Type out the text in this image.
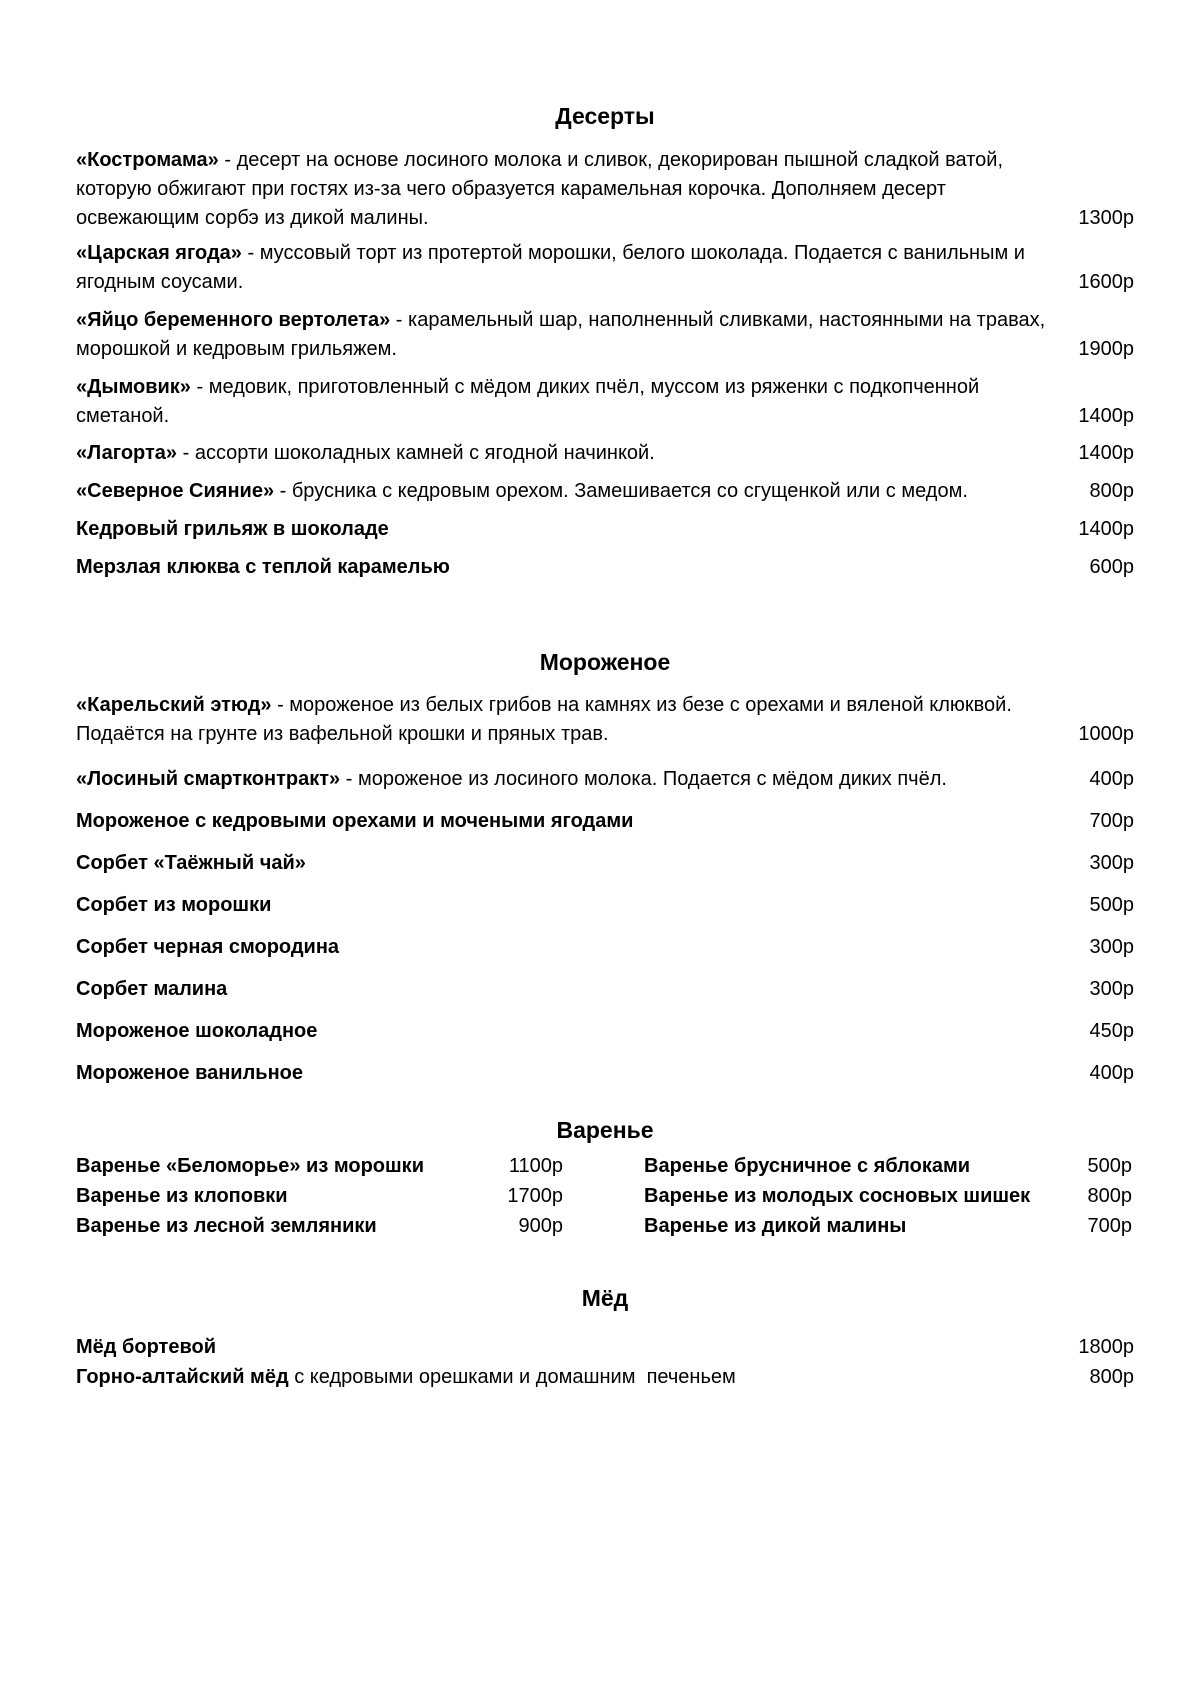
Десерты
«Костромама» - десерт на основе лосиного молока и сливок, декорирован пышной сладкой ватой, которую обжигают при гостях из-за чего образуется карамельная корочка. Дополняем десерт освежающим сорбэ из дикой малины.	1300р
«Царская ягода» - муссовый торт из протертой морошки, белого шоколада. Подается с ванильным и ягодным соусами.	1600р
«Яйцо беременного вертолета» - карамельный шар, наполненный сливками, настоянными на травах, морошкой и кедровым грильяжем.	1900р
«Дымовик» - медовик, приготовленный с мёдом диких пчёл, муссом из ряженки с подкопченной сметаной.	1400р
«Лагорта» - ассорти шоколадных камней с ягодной начинкой.	1400р
«Северное Сияние» - брусника с кедровым орехом. Замешивается со сгущенкой или с медом.	800р
Кедровый грильяж в шоколаде	1400р
Мерзлая клюква с теплой карамелью	600р
Мороженое
«Карельский этюд» - мороженое из белых грибов на камнях из безе с орехами и вяленой клюквой. Подаётся на грунте из вафельной крошки и пряных трав.	1000р
«Лосиный смартконтракт» - мороженое из лосиного молока. Подается с мёдом диких пчёл.	400р
Мороженое с кедровыми орехами и мочеными ягодами	700р
Сорбет «Таёжный чай»	300р
Сорбет из морошки	500р
Сорбет черная смородина	300р
Сорбет малина	300р
Мороженое шоколадное	450р
Мороженое ванильное	400р
Варенье
Варенье «Беломорье» из морошки	1100р	Варенье брусничное с яблоками	500р
Варенье из клоповки	1700р	Варенье из молодых сосновых шишек	800р
Варенье из лесной земляники	900р	Варенье из дикой малины	700р
Мёд
Мёд бортевой	1800р
Горно-алтайский мёд с кедровыми орешками и домашним  печеньем	800р
